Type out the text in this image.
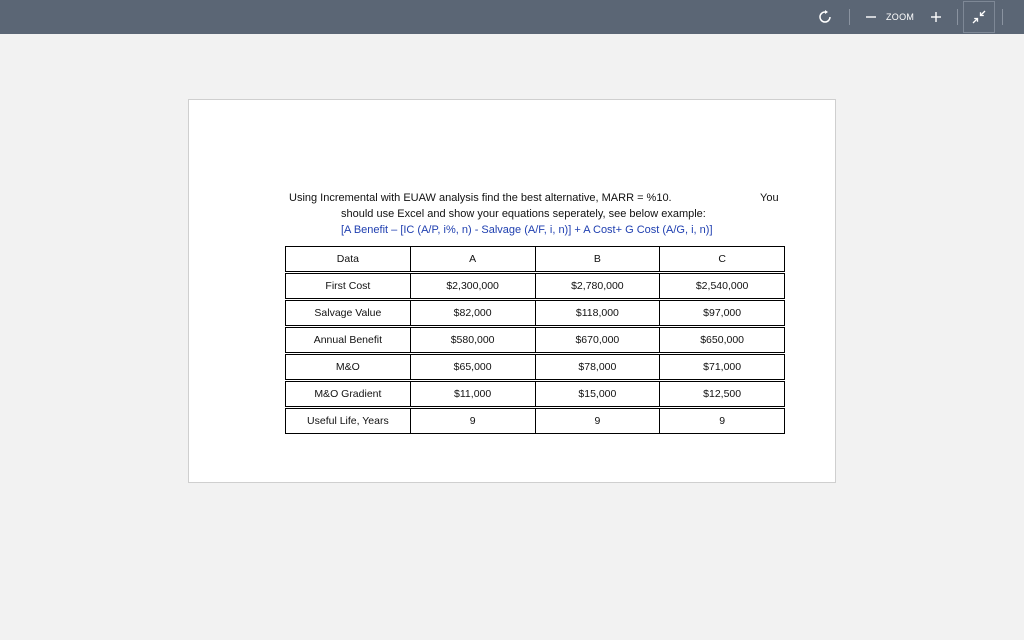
ZOOM
Using Incremental with EUAW analysis find the best alternative, MARR = %10.	You
should use Excel and show your equations seperately, see below example:
[A Benefit – [IC (A/P, i%, n) - Salvage (A/F, i, n)] + A Cost+ G Cost (A/G, i, n)]
Data	A	B	C

First Cost	$2,300,000	$2,780,000	$2,540,000

Salvage Value	$82,000	$118,000	$97,000

Annual Benefit	$580,000	$670,000	$650,000

M&O	$65,000	$78,000	$71,000

M&O Gradient	$11,000	$15,000	$12,500

Useful Life, Years	9	9	9
